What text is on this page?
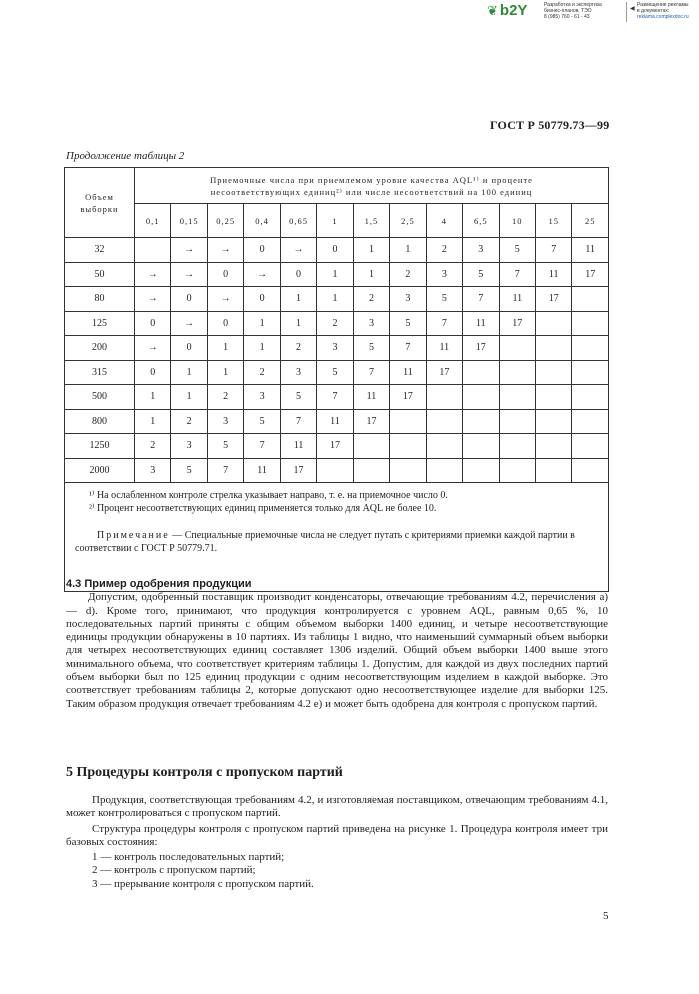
❦ b2Y	Разработка и экспертиза
бизнес-планов, ТЭО
8 (985) 760 - 61 - 43
◀
Размещение рекламы
в документах:
reklama.complexdoc.ru
ГОСТ Р 50779.73—99
Продолжение таблицы 2
Объем выборки	Приемочные числа при приемлемом уровне качества AQL¹⁾ и проценте
несоответствующих единиц²⁾ или числе несоответствий на 100 единиц												

	0,1	0,15	0,25	0,4	0,65	1	1,5	2,5	4	6,5	10	15	25
32		→	→	0	→	0	1	1	2	3	5	7	11
50	→	→	0	→	0	1	1	2	3	5	7	11	17
80	→	0	→	0	1	1	2	3	5	7	11	17	
125	0	→	0	1	1	2	3	5	7	11	17		
200	→	0	1	1	2	3	5	7	11	17			
315	0	1	1	2	3	5	7	11	17				
500	1	1	2	3	5	7	11	17					
800	1	2	3	5	7	11	17						
1250	2	3	5	7	11	17							
2000	3	5	7	11	17								

¹⁾ На ослабленном контроле стрелка указывает направо, т. е. на приемочное число 0.
²⁾ Процент несоответствующих единиц применяется только для AQL не более 10.
Примечание — Специальные приемочные числа не следует путать с критериями приемки каждой партии в соответствии с ГОСТ Р 50779.71.													
4.3 Пример одобрения продукции

Допустим, одобренный поставщик производит конденсаторы, отвечающие требованиям 4.2, перечисления а) — d). Кроме того, принимают, что продукция контролируется с уровнем AQL, равным 0,65 %, 10 последовательных партий приняты с общим объемом выборки 1400 единиц, и четыре несоответствующие единицы продукции обнаружены в 10 партиях. Из таблицы 1 видно, что наименьший суммарный объем выборки для четырех несоответствующих единиц составляет 1306 изделий. Общий объем выборки 1400 выше этого минимального объема, что соответствует критериям таблицы 1. Допустим, для каждой из двух последних партий объем выборки был по 125 единиц продукции с одним несоответствующим изделием в каждой выборке. Это соответствует требованиям таблицы 2, которые допускают одно несоответствующее изделие для выборки 125. Таким образом продукция отвечает требованиям 4.2 е) и может быть одобрена для контроля с пропуском партий.

5 Процедуры контроля с пропуском партий

Продукция, соответствующая требованиям 4.2, и изготовляемая поставщиком, отвечающим требованиям 4.1, может контролироваться с пропуском партий.

Структура процедуры контроля с пропуском партий приведена на рисунке 1. Процедура контроля имеет три базовых состояния:

1 — контроль последовательных партий;

2 — контроль с пропуском партий;

3 — прерывание контроля с пропуском партий.

5
